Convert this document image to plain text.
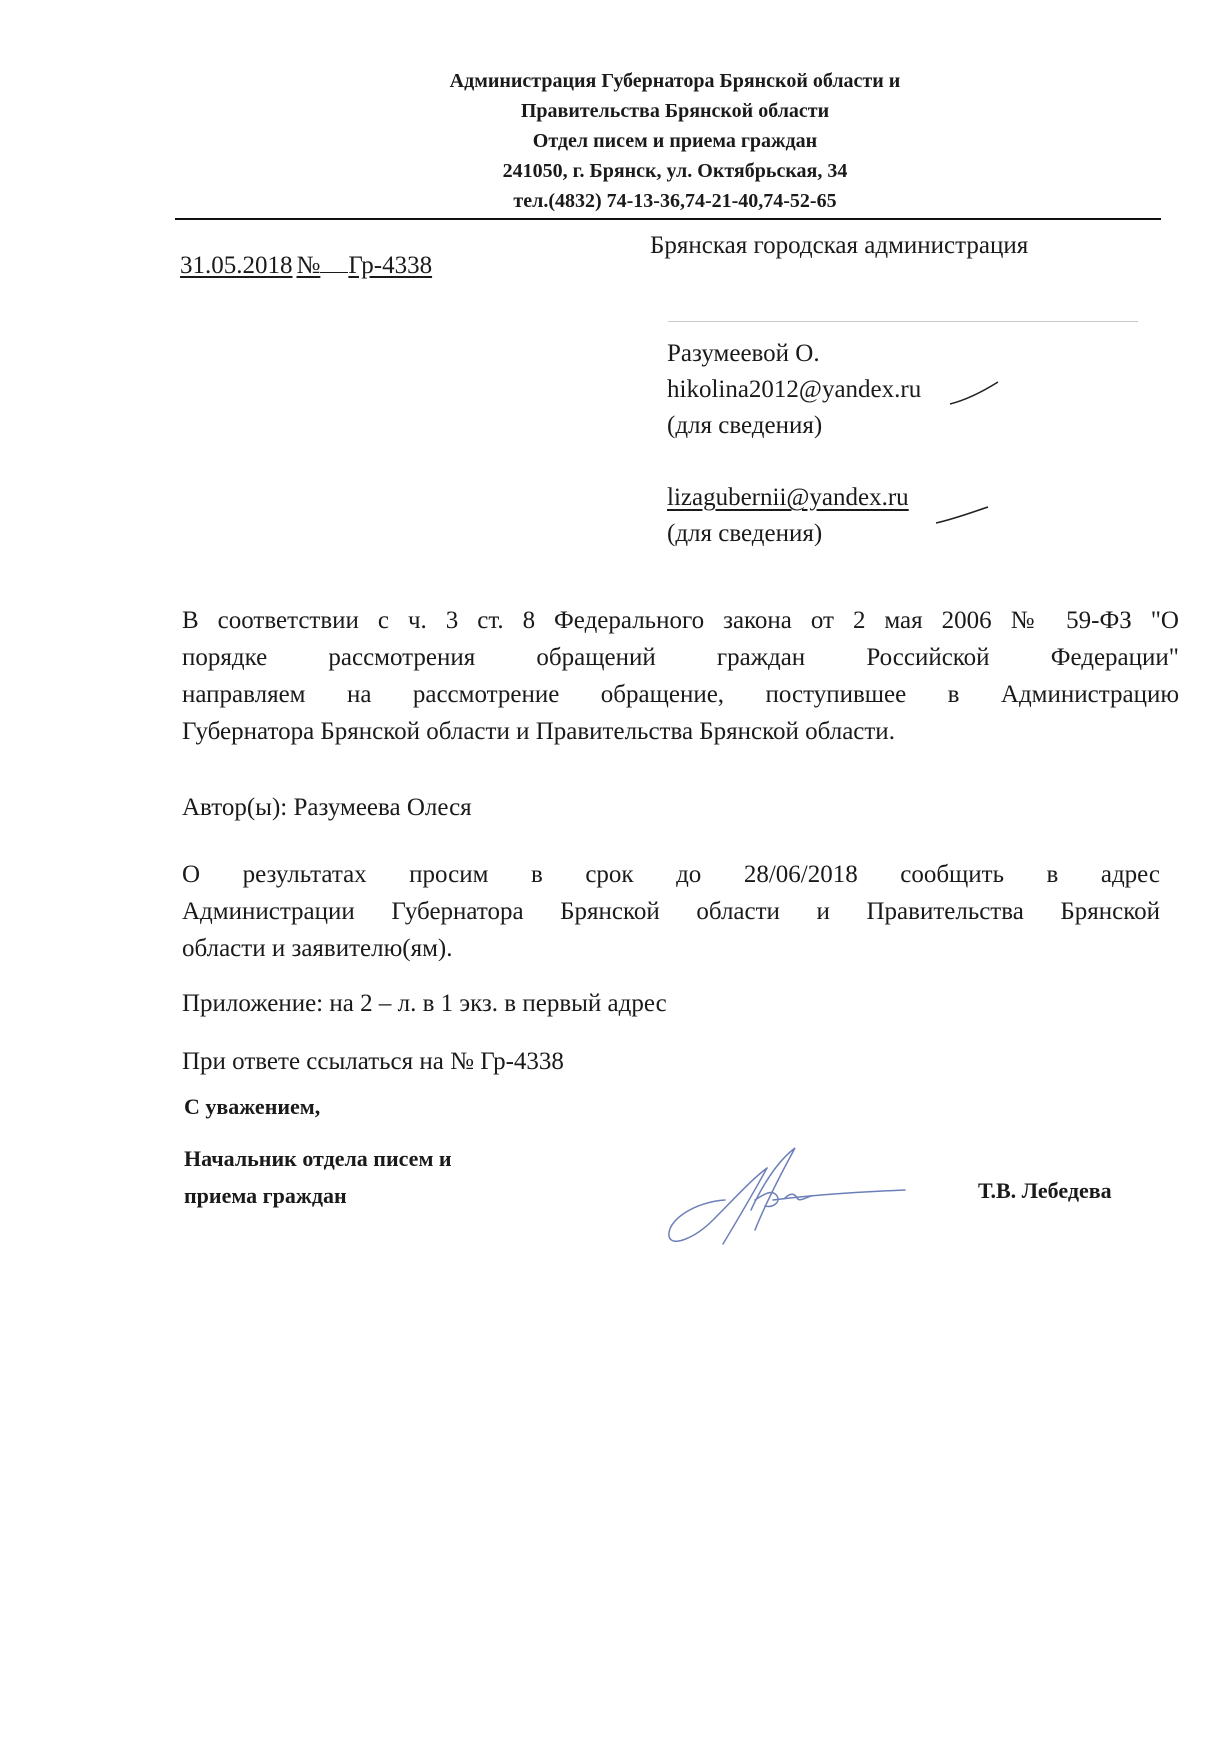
Администрация Губернатора Брянской области и
Правительства Брянской области
Отдел писем и приема граждан
241050, г. Брянск, ул. Октябрьская, 34
тел.(4832) 74-13-36,74-21-40,74-52-65
31.05.2018 № Гр-4338
Брянская городская администрация
Разумеевой О.
hikolina2012@yandex.ru
(для сведения)
lizagubernii@yandex.ru
(для сведения)
В соответствии с ч. 3 ст. 8 Федерального закона от 2 мая 2006 № 59-ФЗ "О
порядке рассмотрения обращений граждан Российской Федерации"
направляем на рассмотрение обращение, поступившее в Администрацию
Губернатора Брянской области и Правительства Брянской области.
Автор(ы): Разумеева Олеся
О результатах просим в срок до 28/06/2018 сообщить в адрес
Администрации Губернатора Брянской области и Правительства Брянской
области и заявителю(ям).
Приложение: на 2 – л. в 1 экз. в первый адрес
При ответе ссылаться на № Гр-4338
С уважением,
Начальник отдела писем и
приема граждан	Т.В. Лебедева
